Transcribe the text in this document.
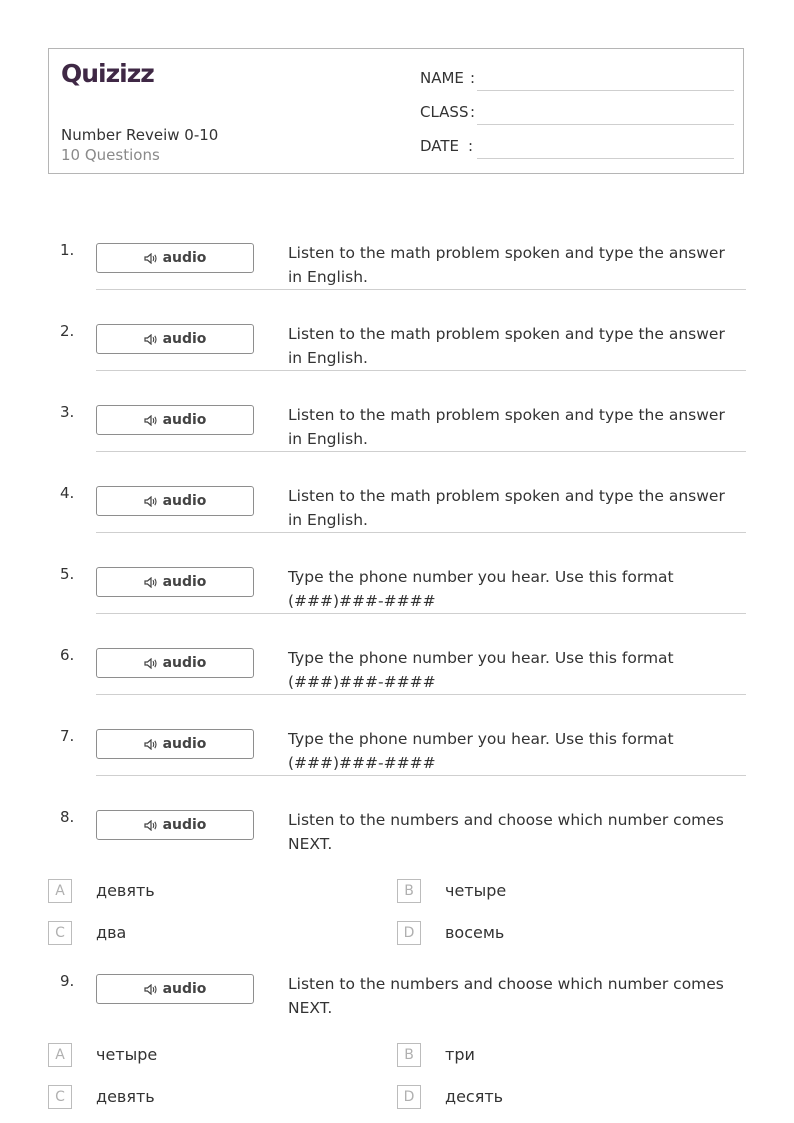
Quizizz
Number Reveiw 0-10
10 Questions
NAME :
CLASS :
DATE :
1.	audio	Listen to the math problem spoken and type the answer in English.
2.	audio	Listen to the math problem spoken and type the answer in English.
3.	audio	Listen to the math problem spoken and type the answer in English.
4.	audio	Listen to the math problem spoken and type the answer in English.
5.	audio	Type the phone number you hear. Use this format (###)###-####
6.	audio	Type the phone number you hear. Use this format (###)###-####
7.	audio	Type the phone number you hear. Use this format (###)###-####
8.	audio	Listen to the numbers and choose which number comes NEXT.
A	девять	B	четыре
C	два	D	восемь
9.	audio	Listen to the numbers and choose which number comes NEXT.
A	четыре	B	три
C	девять	D	десять
